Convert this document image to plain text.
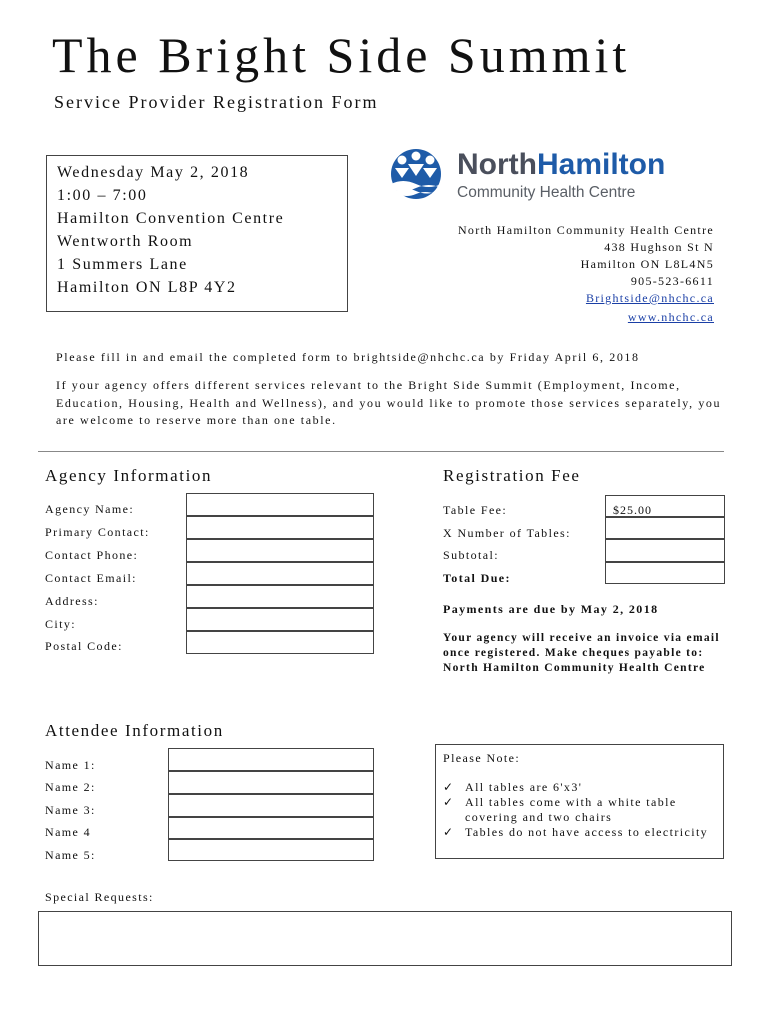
The Bright Side Summit
Service Provider Registration Form
Wednesday May 2, 2018
1:00 – 7:00
Hamilton Convention Centre
Wentworth Room
1 Summers Lane
Hamilton ON L8P 4Y2
NorthHamilton
Community Health Centre
North Hamilton Community Health Centre
438 Hughson St N
Hamilton ON L8L4N5
905-523-6611
Brightside@nhchc.ca
www.nhchc.ca
Please fill in and email the completed form to brightside@nhchc.ca by Friday April 6, 2018
If your agency offers different services relevant to the Bright Side Summit (Employment, Income, Education, Housing, Health and Wellness), and you would like to promote those services separately, you are welcome to reserve more than one table.
Agency Information
Agency Name:
Primary Contact:
Contact Phone:
Contact Email:
Address:
City:
Postal Code:
Registration Fee
Table Fee:	$25.00
X Number of Tables:
Subtotal:
Total Due:
Payments are due by May 2, 2018
Your agency will receive an invoice via email once registered. Make cheques payable to: North Hamilton Community Health Centre
Attendee Information
Name 1:
Name 2:
Name 3:
Name 4
Name 5:
Please Note:
✓ All tables are 6'x3'
✓ All tables come with a white table covering and two chairs
✓ Tables do not have access to electricity
Special Requests:
